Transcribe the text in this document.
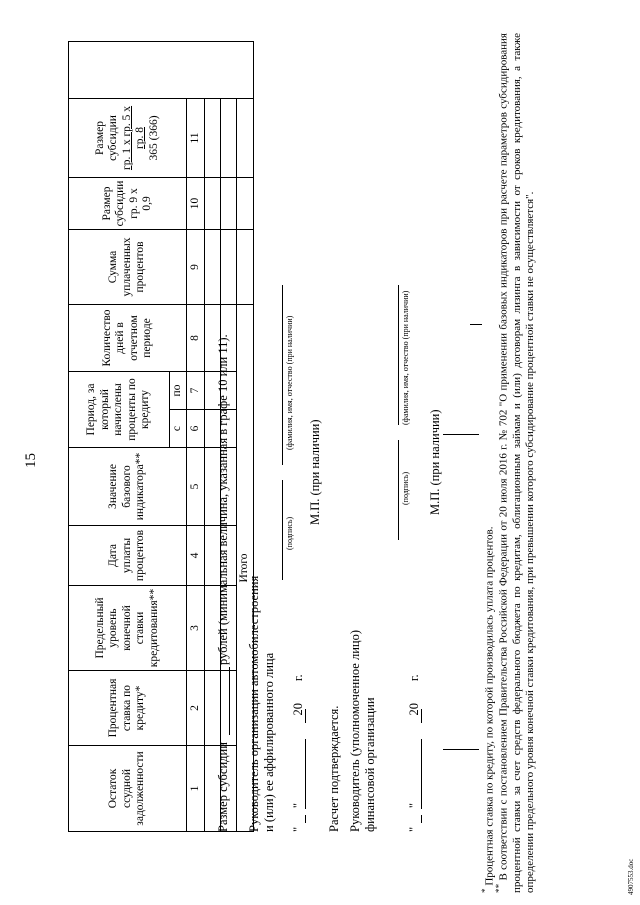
15
Остаток ссудной задолженности	Процентная ставка по кредиту*	Предельный уровень конечной ставки кредитования**	Дата уплаты процентов	Значение базового индикатора**	Период, за который начислены проценты по кредиту		Количество дней в отчетном периоде	Сумма уплаченных процентов	Размер субсидии гр. 9 х 0,9	Размер субсидии гр. 1 х гр. 5 х гр. 8 365 (366)	
					с	по					
1	2	3	4	5	6	7	8	9	10	11	

Итого											
Размер субсидии
рублей (минимальная величина, указанная в графе 10 или 11).
Руководитель организации автомобилестроения и (или) ее аффилированного лица
(подпись)
(фамилия, имя, отчество (при наличии)
"      "                            20       г.
М.П. (при наличии)
Расчет подтверждается. Руководитель (уполномоченное лицо) финансовой организации
(подпись)
(фамилия, имя, отчество (при наличии)
"      "                            20       г.
М.П. (при наличии)
* Процентная ставка по кредиту, по которой производилась уплата процентов.
** В соответствии с постановлением Правительства Российской Федерации от 20 июля 2016 г. № 702 "О применении базовых индикаторов при расчете параметров субсидирования процентной ставки за счет средств федерального бюджета по кредитам, облигационным займам и (или) договорам лизинга в зависимости от сроков кредитования, а также определении предельного уровня конечной ставки кредитования, при превышении которого субсидирование процентной ставки не осуществляется".	4907553.doc
